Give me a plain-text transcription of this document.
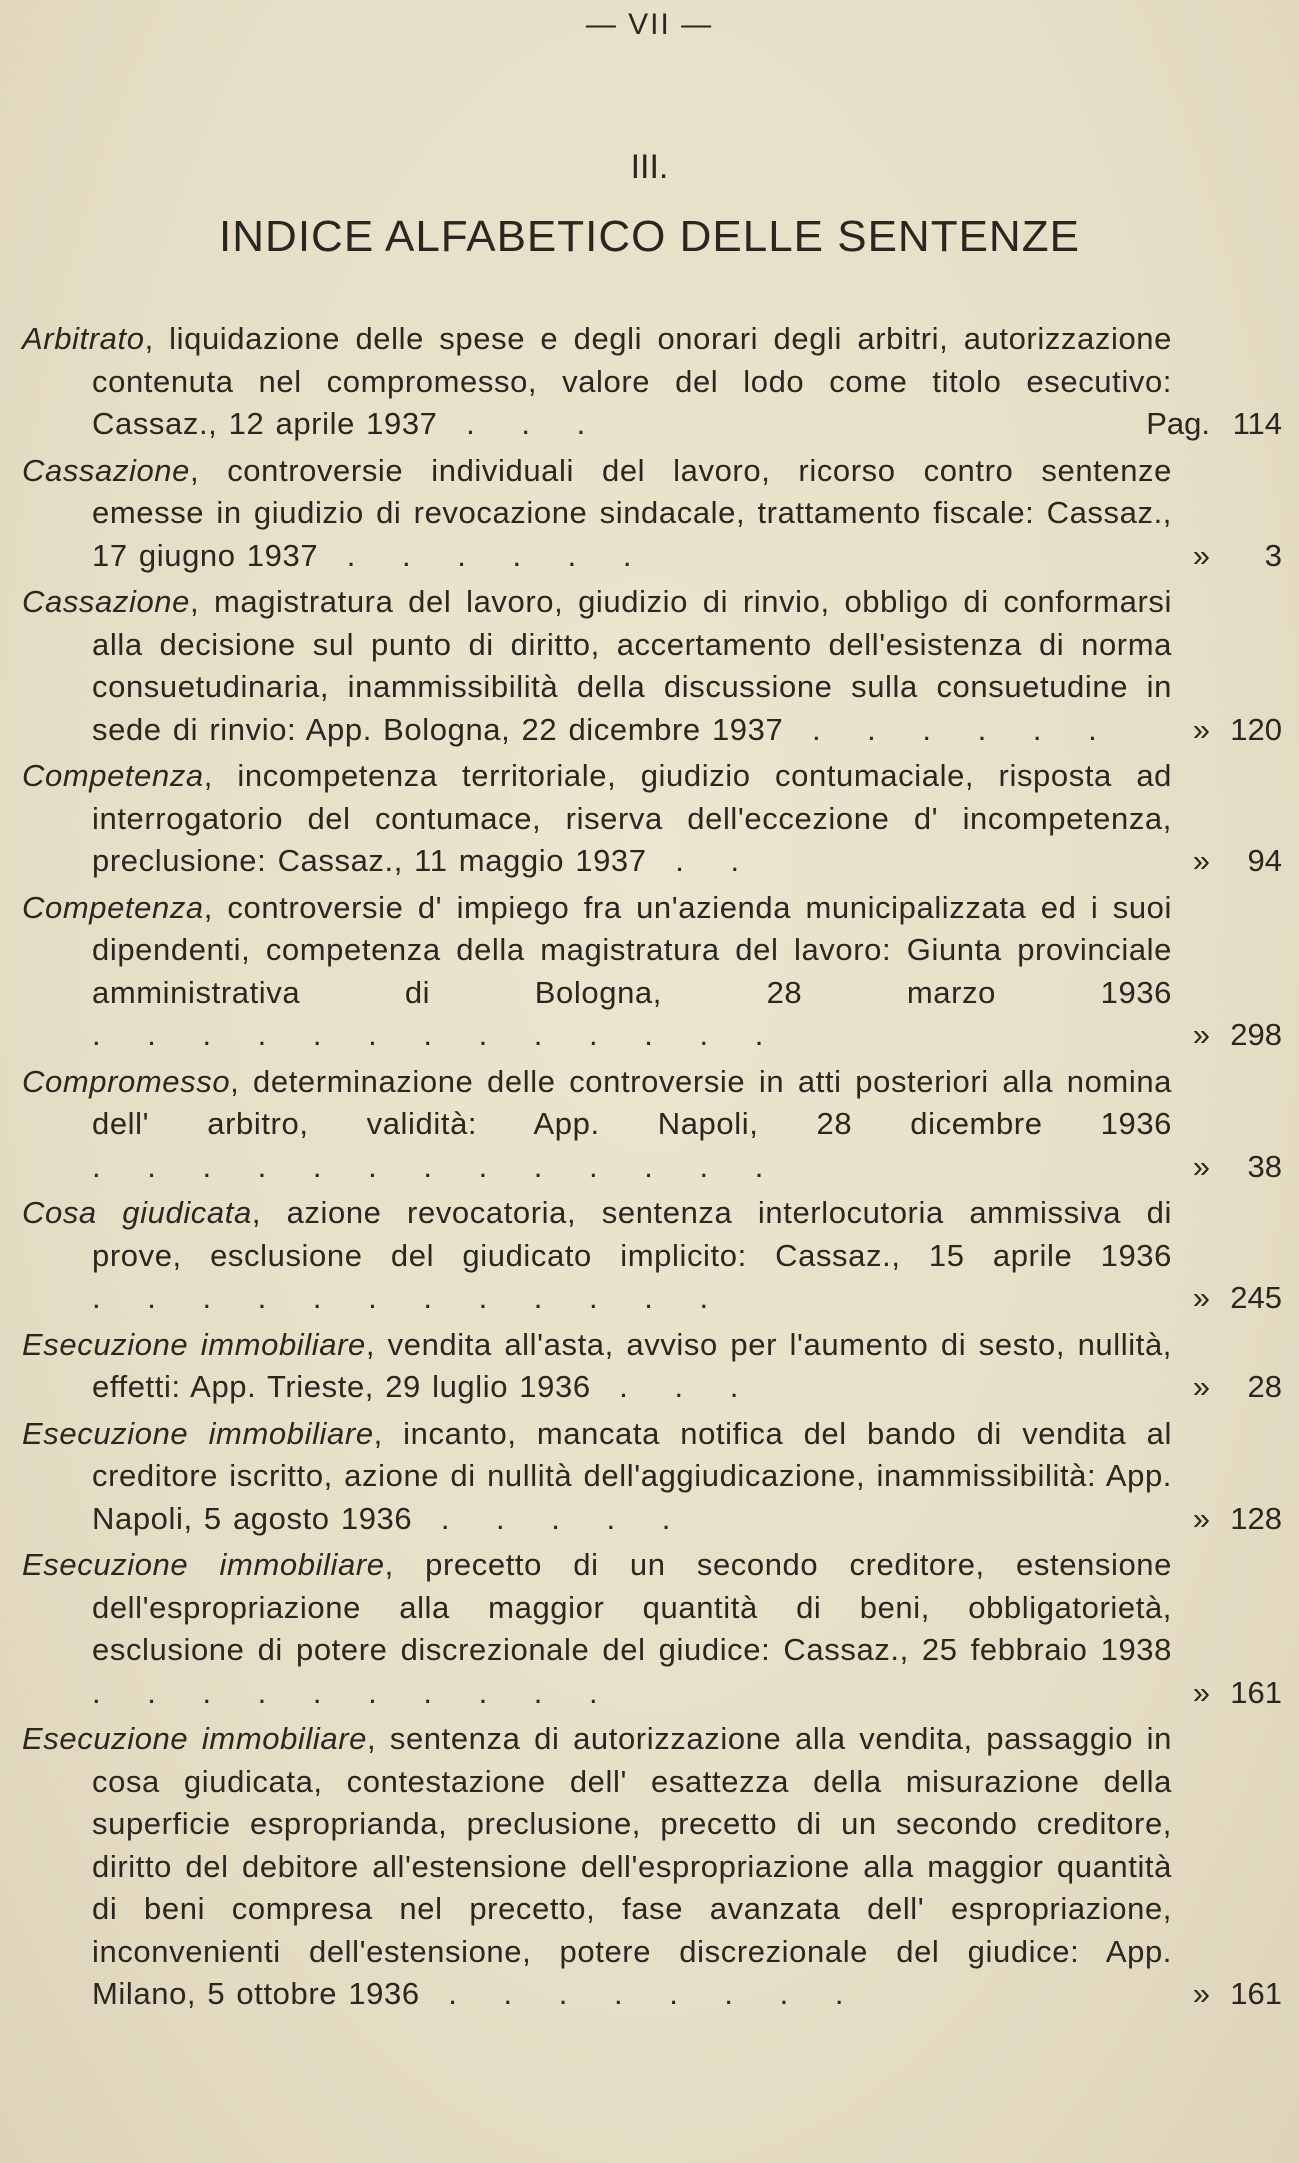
— VII —
III.
INDICE ALFABETICO DELLE SENTENZE
Arbitrato, liquidazione delle spese e degli onorari degli arbitri, autorizzazione contenuta nel compromesso, valore del lodo come titolo esecutivo: Cassaz., 12 aprile 1937 . . .	Pag. 114
Cassazione, controversie individuali del lavoro, ricorso contro sentenze emesse in giudizio di revocazione sindacale, trattamento fiscale: Cassaz., 17 giugno 1937 . . . . . .	» 3
Cassazione, magistratura del lavoro, giudizio di rinvio, obbligo di conformarsi alla decisione sul punto di diritto, accertamento dell'esistenza di norma consuetudinaria, inammissibilità della discussione sulla consuetudine in sede di rinvio: App. Bologna, 22 dicembre 1937 . . . . . .	» 120
Competenza, incompetenza territoriale, giudizio contumaciale, risposta ad interrogatorio del contumace, riserva dell'eccezione d' incompetenza, preclusione: Cassaz., 11 maggio 1937 . .	» 94
Competenza, controversie d' impiego fra un'azienda municipalizzata ed i suoi dipendenti, competenza della magistratura del lavoro: Giunta provinciale amministrativa di Bologna, 28 marzo 1936 . . . . . . . . . . . . .	» 298
Compromesso, determinazione delle controversie in atti posteriori alla nomina dell' arbitro, validità: App. Napoli, 28 dicembre 1936 . . . . . . . . . . . . .	» 38
Cosa giudicata, azione revocatoria, sentenza interlocutoria ammissiva di prove, esclusione del giudicato implicito: Cassaz., 15 aprile 1936 . . . . . . . . . . . .	» 245
Esecuzione immobiliare, vendita all'asta, avviso per l'aumento di sesto, nullità, effetti: App. Trieste, 29 luglio 1936 . . .	» 28
Esecuzione immobiliare, incanto, mancata notifica del bando di vendita al creditore iscritto, azione di nullità dell'aggiudicazione, inammissibilità: App. Napoli, 5 agosto 1936 . . . . .	» 128
Esecuzione immobiliare, precetto di un secondo creditore, estensione dell'espropriazione alla maggior quantità di beni, obbligatorietà, esclusione di potere discrezionale del giudice: Cassaz., 25 febbraio 1938 . . . . . . . . . .	» 161
Esecuzione immobiliare, sentenza di autorizzazione alla vendita, passaggio in cosa giudicata, contestazione dell' esattezza della misurazione della superficie esproprianda, preclusione, precetto di un secondo creditore, diritto del debitore all'estensione dell'espropriazione alla maggior quantità di beni compresa nel precetto, fase avanzata dell' espropriazione, inconvenienti dell'estensione, potere discrezionale del giudice: App. Milano, 5 ottobre 1936 . . . . . . . .	» 161
